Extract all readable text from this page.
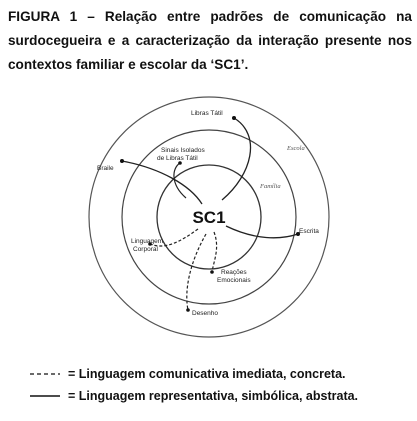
FIGURA 1 – Relação entre padrões de comunicação na
surdocegueira e a caracterização da interação presente nos
contextos familiar e escolar da ‘SC1’.
Escola
Família
SC1
Libras Tátil
Sinais Isolados
de Libras Tátil
Braile
Escrita
Linguagem
Corporal
Reações
Emocionais
Desenho
= Linguagem comunicativa imediata, concreta.
= Linguagem representativa, simbólica, abstrata.
